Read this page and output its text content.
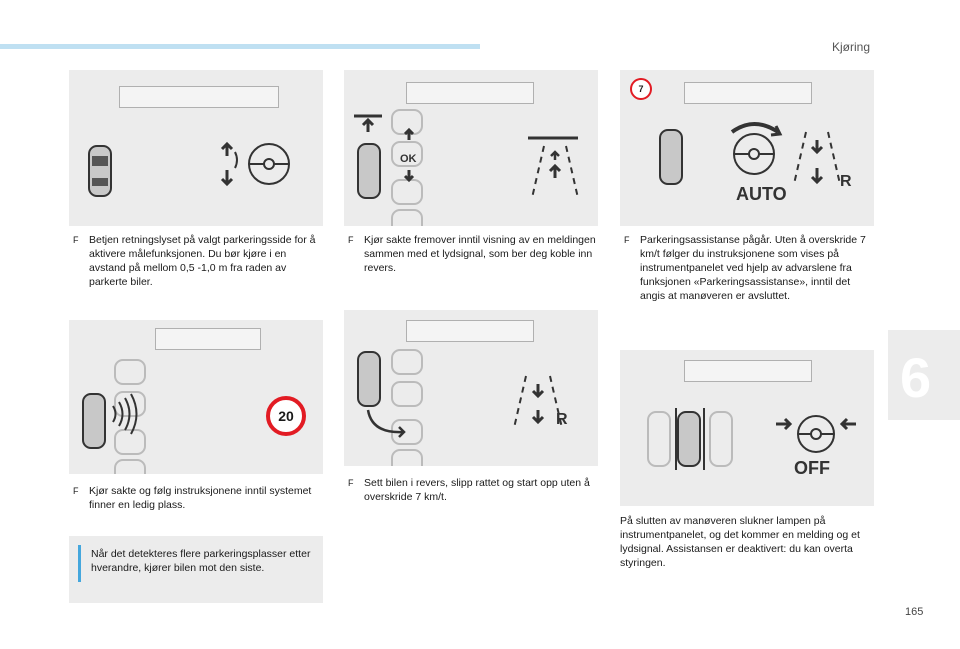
Kjøring
6
165
F	Betjen retningslyset på valgt parkeringsside for å aktivere målefunksjonen. Du bør kjøre i en avstand på mellom 0,5 -1,0 m fra raden av parkerte biler.
20
F	Kjør sakte og følg instruksjonene inntil systemet finner en ledig plass.
Når det detekteres flere parkeringsplasser etter hverandre, kjører bilen mot den siste.
OK
F	Kjør sakte fremover inntil visning av en meldingen sammen med et lydsignal, som ber deg koble inn revers.
R
F	Sett bilen i revers, slipp rattet og start opp uten å overskride 7 km/t.
7
AUTO
R
F	Parkeringsassistanse pågår. Uten å overskride 7 km/t følger du instruksjonene som vises på instrumentpanelet ved hjelp av advarslene fra funksjonen «Parkeringsassistanse», inntil det angis at manøveren er avsluttet.
OFF
På slutten av manøveren slukner lampen på instrumentpanelet, og det kommer en melding og et lydsignal. Assistansen er deaktivert: du kan overta styringen.
